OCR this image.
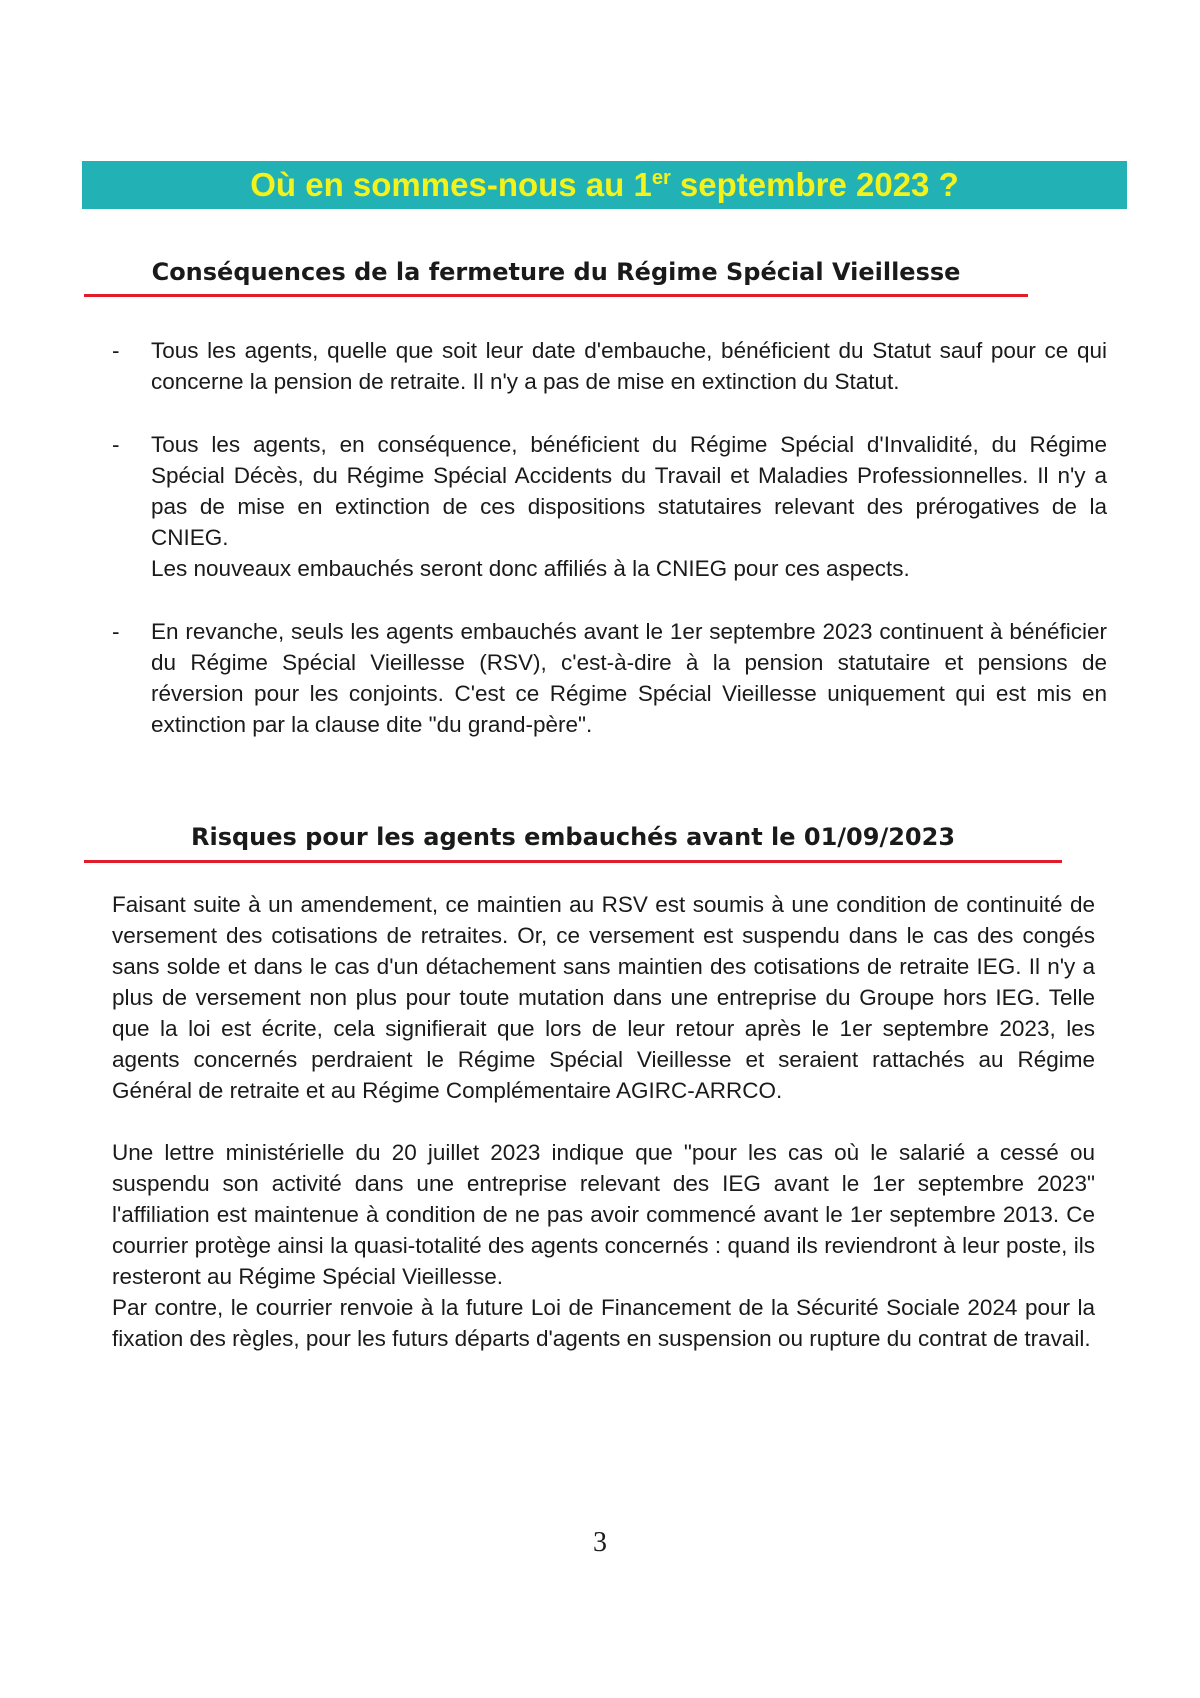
Où en sommes-nous au 1er septembre 2023 ?
Conséquences de la fermeture du Régime Spécial Vieillesse
- Tous les agents, quelle que soit leur date d'embauche, bénéficient du Statut sauf pour ce qui concerne la pension de retraite. Il n'y a pas de mise en extinction du Statut.

- Tous les agents, en conséquence, bénéficient du Régime Spécial d'Invalidité, du Régime Spécial Décès, du Régime Spécial Accidents du Travail et Maladies Professionnelles. Il n'y a pas de mise en extinction de ces dispositions statutaires relevant des prérogatives de la CNIEG.

Les nouveaux embauchés seront donc affiliés à la CNIEG pour ces aspects.

- En revanche, seuls les agents embauchés avant le 1er septembre 2023 continuent à bénéficier du Régime Spécial Vieillesse (RSV), c'est-à-dire à la pension statutaire et pensions de réversion pour les conjoints. C'est ce Régime Spécial Vieillesse uniquement qui est mis en extinction par la clause dite "du grand-père".

Risques pour les agents embauchés avant le 01/09/2023

Faisant suite à un amendement, ce maintien au RSV est soumis à une condition de continuité de versement des cotisations de retraites. Or, ce versement est suspendu dans le cas des congés sans solde et dans le cas d'un détachement sans maintien des cotisations de retraite IEG. Il n'y a plus de versement non plus pour toute mutation dans une entreprise du Groupe hors IEG. Telle que la loi est écrite, cela signifierait que lors de leur retour après le 1er septembre 2023, les agents concernés perdraient le Régime Spécial Vieillesse et seraient rattachés au Régime Général de retraite et au Régime Complémentaire AGIRC-ARRCO.

Une lettre ministérielle du 20 juillet 2023 indique que "pour les cas où le salarié a cessé ou suspendu son activité dans une entreprise relevant des IEG avant le 1er septembre 2023" l'affiliation est maintenue à condition de ne pas avoir commencé avant le 1er septembre 2013. Ce courrier protège ainsi la quasi-totalité des agents concernés : quand ils reviendront à leur poste, ils resteront au Régime Spécial Vieillesse.

Par contre, le courrier renvoie à la future Loi de Financement de la Sécurité Sociale 2024 pour la fixation des règles, pour les futurs départs d'agents en suspension ou rupture du contrat de travail.

3
